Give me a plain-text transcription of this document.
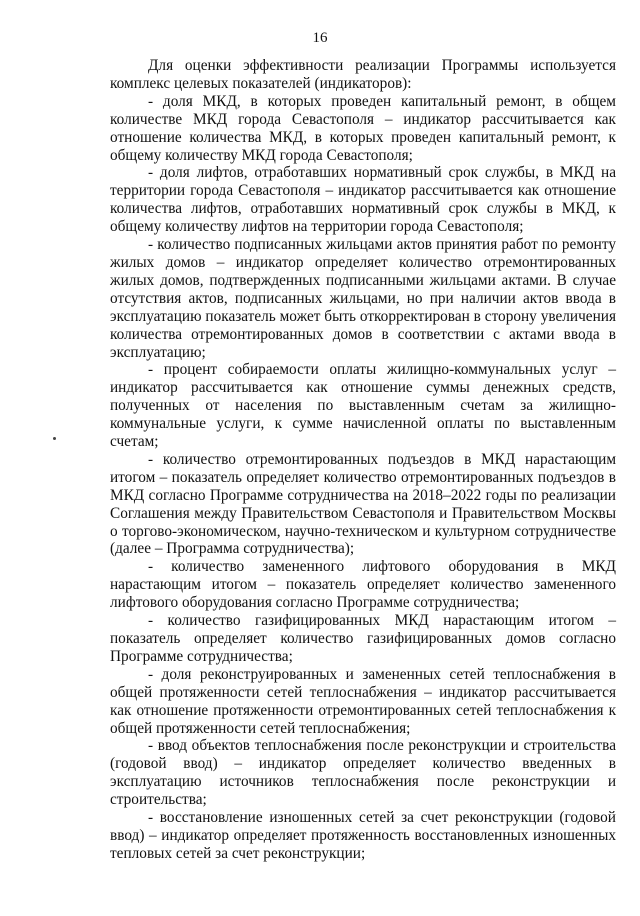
16

Для оценки эффективности реализации Программы используется комплекс целевых показателей (индикаторов):

- доля МКД, в которых проведен капитальный ремонт, в общем количестве МКД города Севастополя – индикатор рассчитывается как отношение количества МКД, в которых проведен капитальный ремонт, к общему количеству МКД города Севастополя;

- доля лифтов, отработавших нормативный срок службы, в МКД на территории города Севастополя – индикатор рассчитывается как отношение количества лифтов, отработавших нормативный срок службы в МКД, к общему количеству лифтов на территории города Севастополя;

- количество подписанных жильцами актов принятия работ по ремонту жилых домов – индикатор определяет количество отремонтированных жилых домов, подтвержденных подписанными жильцами актами. В случае отсутствия актов, подписанных жильцами, но при наличии актов ввода в эксплуатацию показатель может быть откорректирован в сторону увеличения количества отремонтированных домов в соответствии с актами ввода в эксплуатацию;

- процент собираемости оплаты жилищно-коммунальных услуг – индикатор рассчитывается как отношение суммы денежных средств, полученных от населения по выставленным счетам за жилищно-коммунальные услуги, к сумме начисленной оплаты по выставленным счетам;

- количество отремонтированных подъездов в МКД нарастающим итогом – показатель определяет количество отремонтированных подъездов в МКД согласно Программе сотрудничества на 2018–2022 годы по реализации Соглашения между Правительством Севастополя и Правительством Москвы о торгово-экономическом, научно-техническом и культурном сотрудничестве (далее – Программа сотрудничества);

- количество замененного лифтового оборудования в МКД нарастающим итогом – показатель определяет количество замененного лифтового оборудования согласно Программе сотрудничества;

- количество газифицированных МКД нарастающим итогом – показатель определяет количество газифицированных домов согласно Программе сотрудничества;

- доля реконструированных и замененных сетей теплоснабжения в общей протяженности сетей теплоснабжения – индикатор рассчитывается как отношение протяженности отремонтированных сетей теплоснабжения к общей протяженности сетей теплоснабжения;

- ввод объектов теплоснабжения после реконструкции и строительства (годовой ввод) – индикатор определяет количество введенных в эксплуатацию источников теплоснабжения после реконструкции и строительства;

- восстановление изношенных сетей за счет реконструкции (годовой ввод) – индикатор определяет протяженность восстановленных изношенных тепловых сетей за счет реконструкции;
